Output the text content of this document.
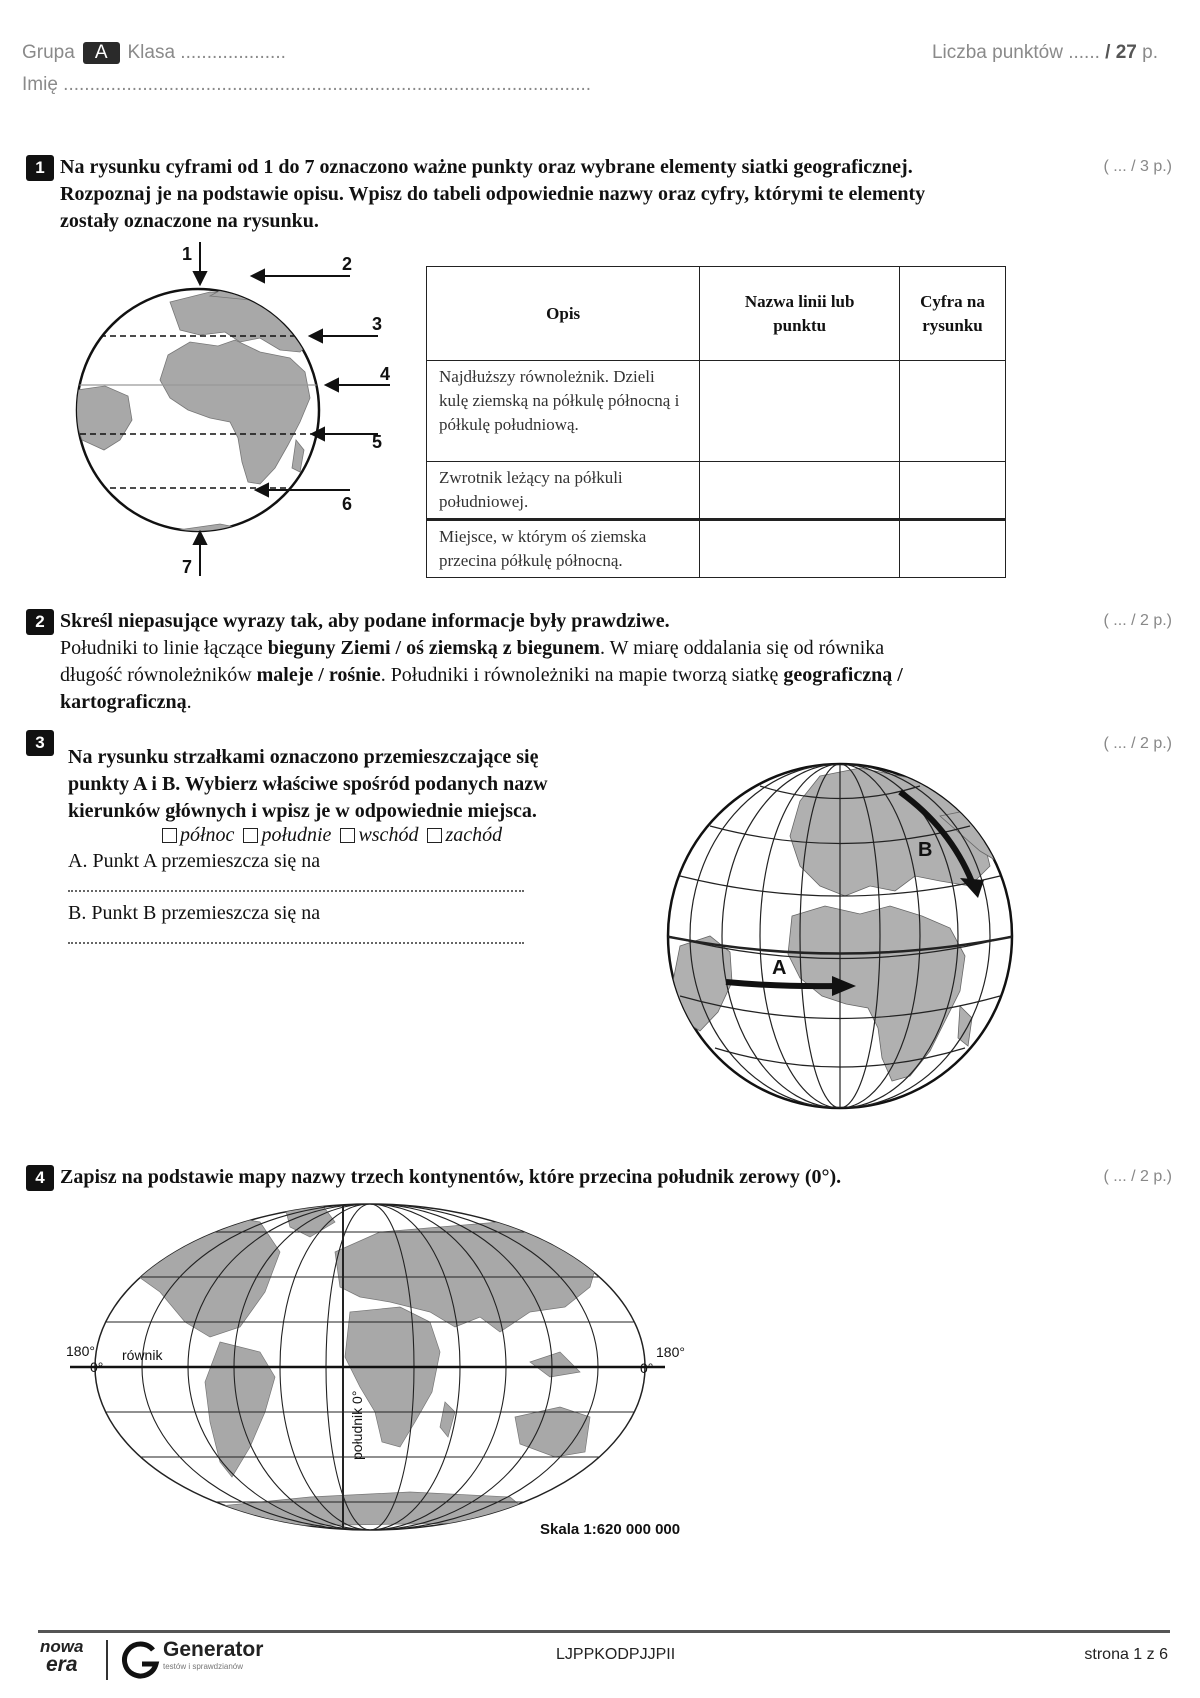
Grupa A Klasa ....................	Liczba punktów ...... / 27 p.
Imię ....................................................................................................
1 Na rysunku cyframi od 1 do 7 oznaczono ważne punkty oraz wybrane elementy siatki geograficznej.
Rozpoznaj je na podstawie opisu. Wpisz do tabeli odpowiednie nazwy oraz cyfry, którymi te elementy
zostały oznaczone na rysunku.
( ... / 3 p.)
1	2
3
4
5
6
7
Opis	Nazwa linii lub punktu	Cyfra na rysunku
Najdłuższy równoleżnik. Dzieli kulę ziemską na półkulę północną i półkulę południową.		
Zwrotnik leżący na półkuli południowej.		
Miejsce, w którym oś ziemska przecina półkulę północną.		
2 Skreśl niepasujące wyrazy tak, aby podane informacje były prawdziwe.	( ... / 2 p.)
Południki to linie łączące bieguny Ziemi / oś ziemską z biegunem. W miarę oddalania się od równika
długość równoleżników maleje / rośnie. Południki i równoleżniki na mapie tworzą siatkę geograficzną /
kartograficzną.
3	( ... / 2 p.)
Na rysunku strzałkami oznaczono przemieszczające się
punkty A i B. Wybierz właściwe spośród podanych nazw
kierunków głównych i wpisz je w odpowiednie miejsca.
północ południe wschód zachód
A. Punkt A przemieszcza się na
B. Punkt B przemieszcza się na
B
A
4 Zapisz na podstawie mapy nazwy trzech kontynentów, które przecina południk zerowy (0°).	( ... / 2 p.)
180°
0°
równik
0°
180°
południk 0°
Skala 1:620 000 000
nowa
era
Generator
testów i sprawdzianów
LJPPKODPJJPII	strona 1 z 6
